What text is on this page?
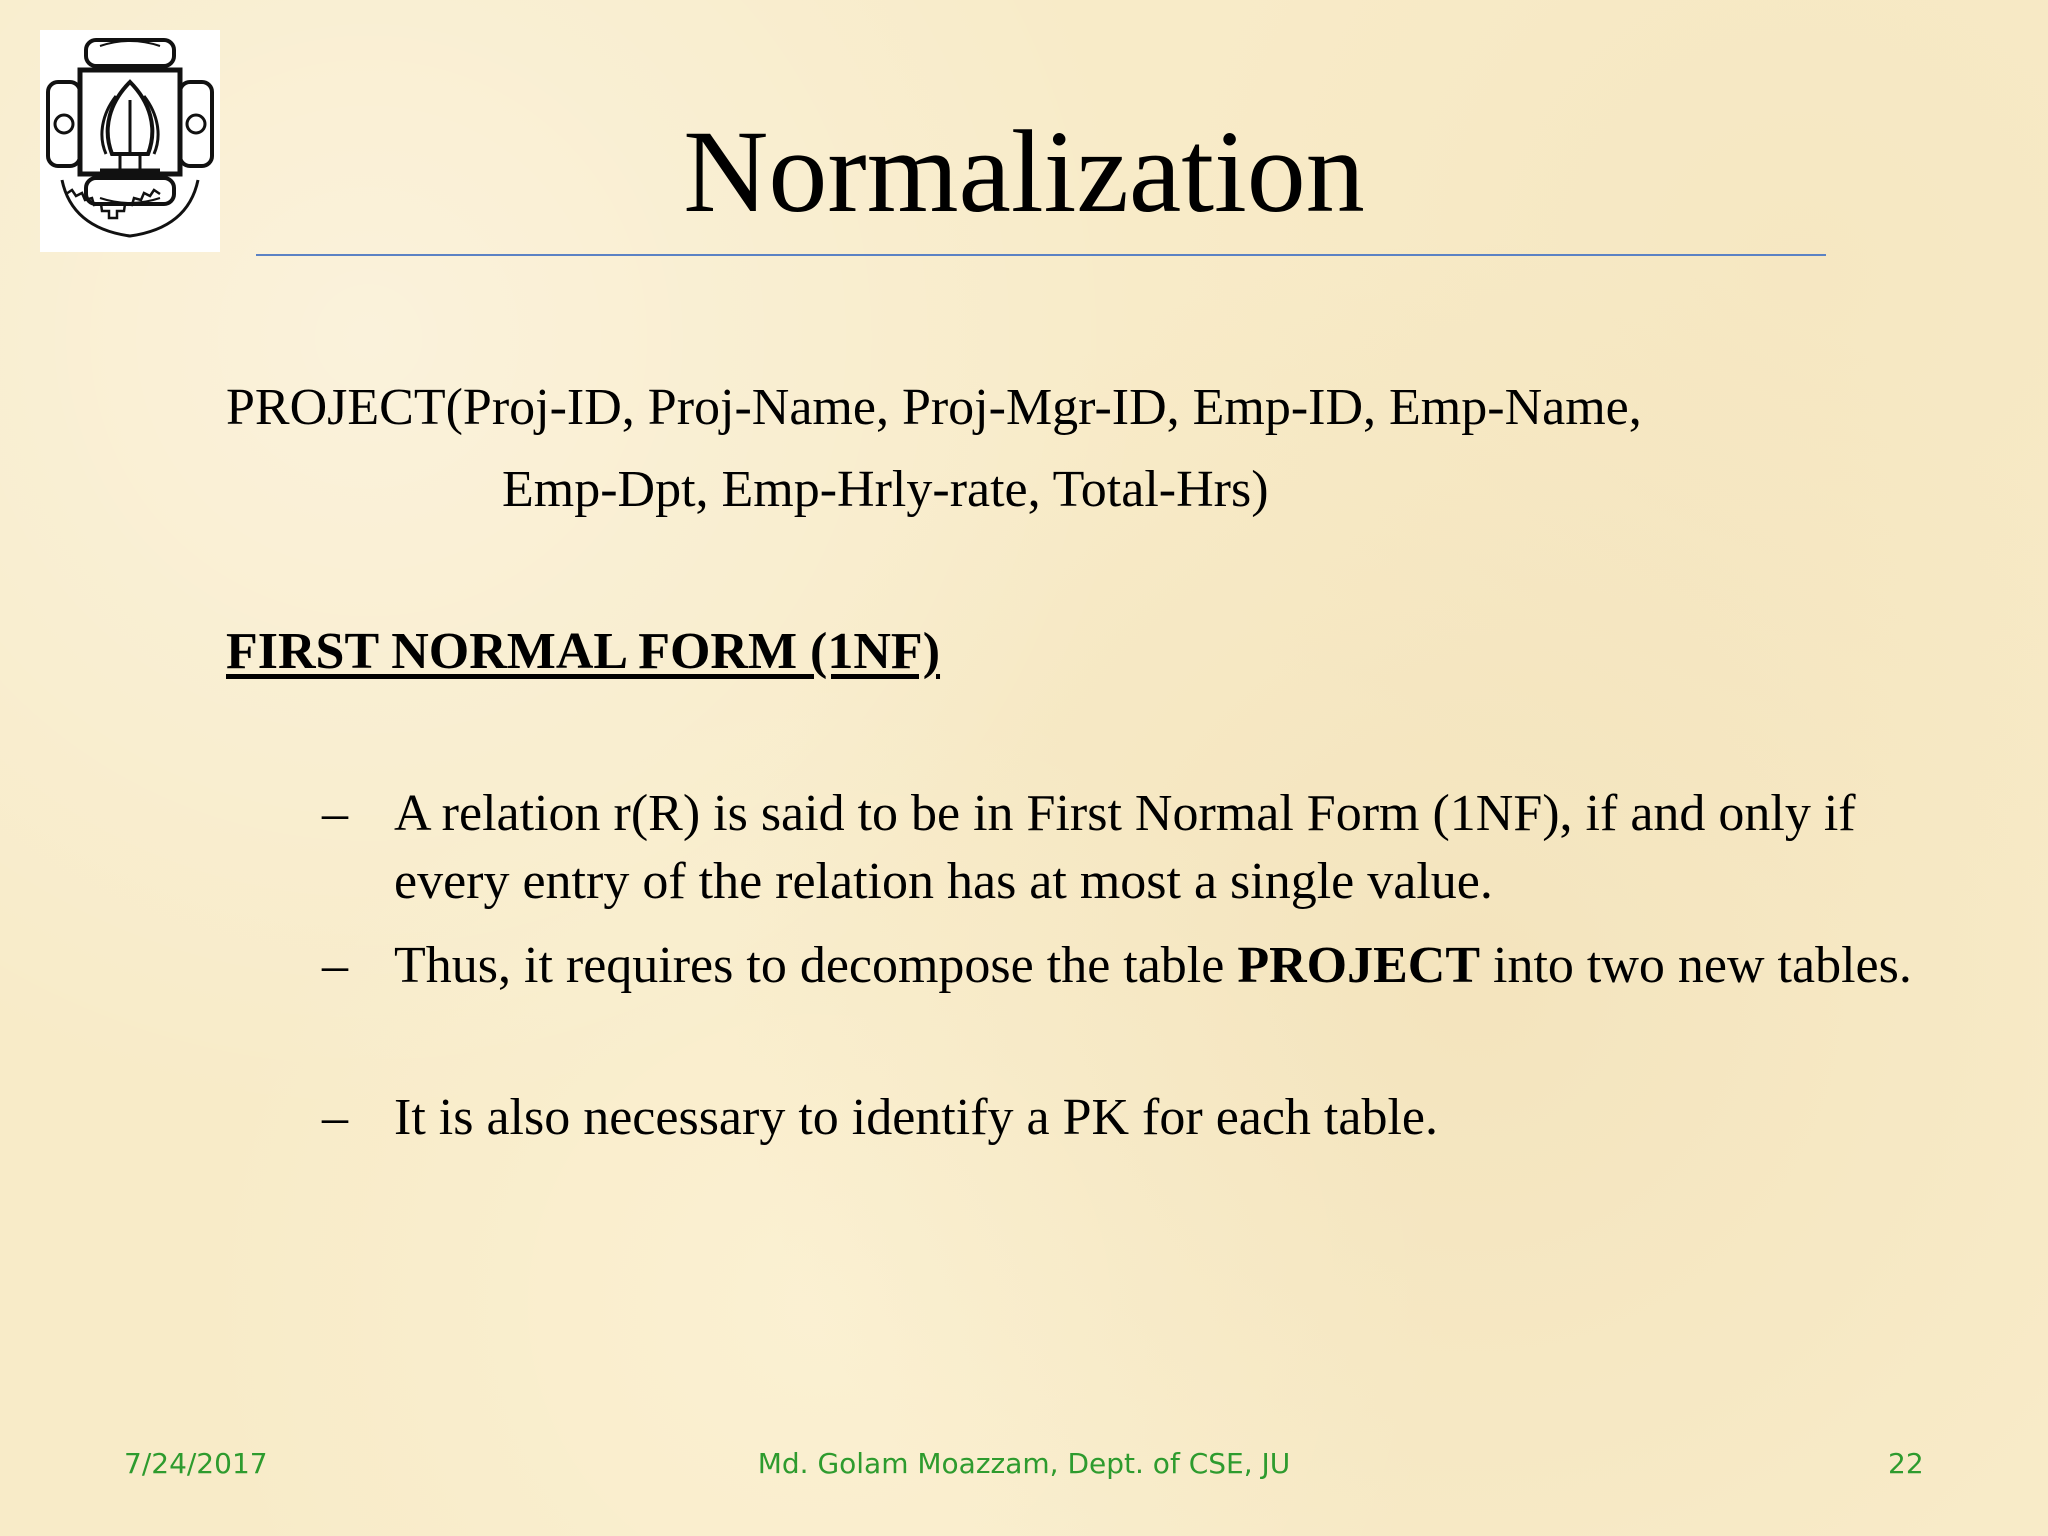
Normalization
PROJECT(Proj-ID, Proj-Name, Proj-Mgr-ID, Emp-ID, Emp-Name,
Emp-Dpt, Emp-Hrly-rate, Total-Hrs)
FIRST NORMAL FORM (1NF)
– A relation r(R) is said to be in First Normal Form (1NF), if and only if every entry of the relation has at most a single value.
– Thus, it requires to decompose the table PROJECT into two new tables.
– It is also necessary to identify a PK for each table.
7/24/2017	Md. Golam Moazzam, Dept. of CSE, JU	22
